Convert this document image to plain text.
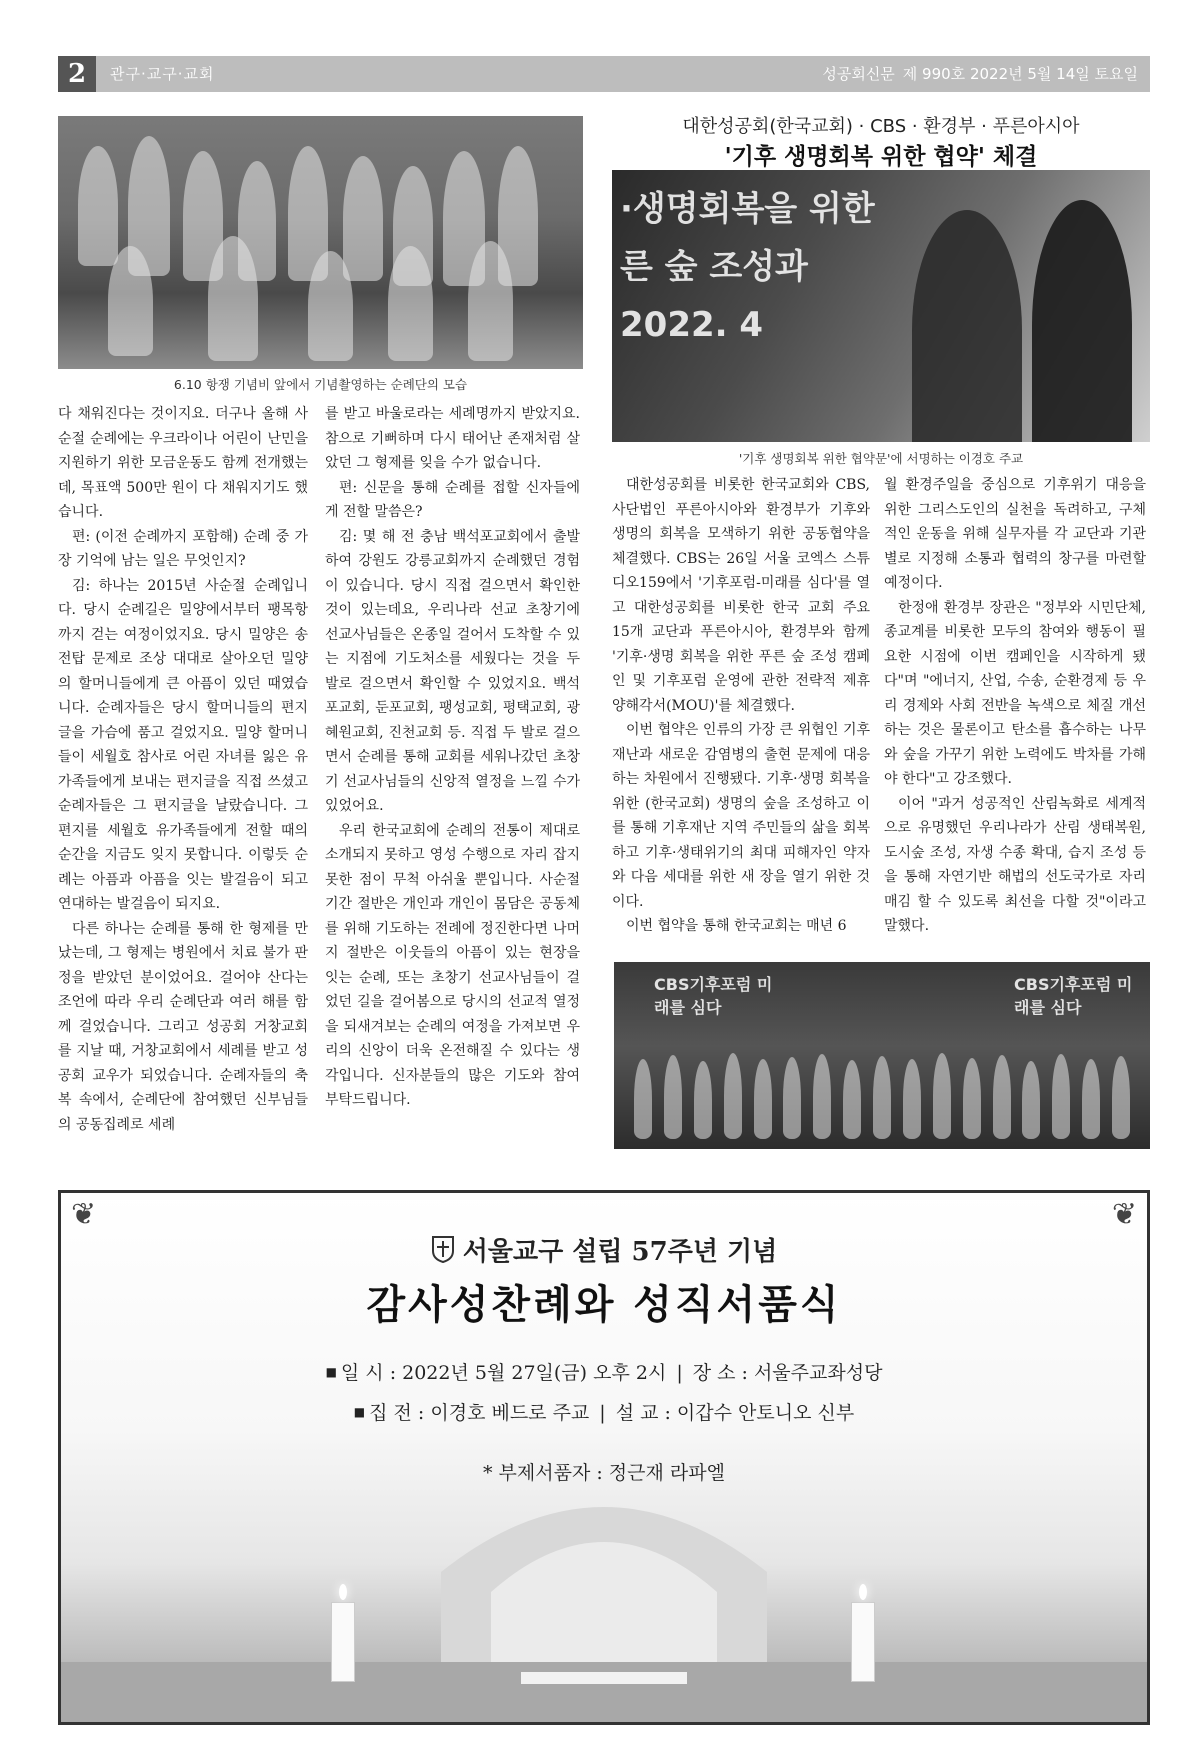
2	관구·교구·교회	성공회신문 제 990호 2022년 5월 14일 토요일
6.10 항쟁 기념비 앞에서 기념촬영하는 순례단의 모습
대한성공회(한국교회) · CBS · 환경부 · 푸른아시아
'기후 생명회복 위한 협약' 체결
·생명회복을 위한
른 숲 조성과
2022. 4
'기후 생명회복 위한 협약문'에 서명하는 이경호 주교

다 채워진다는 것이지요. 더구나 올해 사순절 순례에는 우크라이나 어린이 난민을 지원하기 위한 모금운동도 함께 전개했는데, 목표액 500만 원이 다 채워지기도 했습니다.

편: (이전 순례까지 포함해) 순례 중 가장 기억에 남는 일은 무엇인지?

김: 하나는 2015년 사순절 순례입니다. 당시 순례길은 밀양에서부터 팽목항까지 걷는 여정이었지요. 당시 밀양은 송전탑 문제로 조상 대대로 살아오던 밀양의 할머니들에게 큰 아픔이 있던 때였습니다. 순례자들은 당시 할머니들의 편지글을 가슴에 품고 걸었지요. 밀양 할머니들이 세월호 참사로 어린 자녀를 잃은 유가족들에게 보내는 편지글을 직접 쓰셨고 순례자들은 그 편지글을 날랐습니다. 그 편지를 세월호 유가족들에게 전할 때의 순간을 지금도 잊지 못합니다. 이렇듯 순례는 아픔과 아픔을 잇는 발걸음이 되고 연대하는 발걸음이 되지요.

다른 하나는 순례를 통해 한 형제를 만났는데, 그 형제는 병원에서 치료 불가 판정을 받았던 분이었어요. 걸어야 산다는 조언에 따라 우리 순례단과 여러 해를 함께 걸었습니다. 그리고 성공회 거창교회를 지날 때, 거창교회에서 세례를 받고 성공회 교우가 되었습니다. 순례자들의 축복 속에서, 순례단에 참여했던 신부님들의 공동집례로 세례

를 받고 바울로라는 세례명까지 받았지요. 참으로 기뻐하며 다시 태어난 존재처럼 살았던 그 형제를 잊을 수가 없습니다.

편: 신문을 통해 순례를 접할 신자들에게 전할 말씀은?

김: 몇 해 전 충남 백석포교회에서 출발하여 강원도 강릉교회까지 순례했던 경험이 있습니다. 당시 직접 걸으면서 확인한 것이 있는데요, 우리나라 선교 초창기에 선교사님들은 온종일 걸어서 도착할 수 있는 지점에 기도처소를 세웠다는 것을 두 발로 걸으면서 확인할 수 있었지요. 백석포교회, 둔포교회, 팽성교회, 평택교회, 광혜원교회, 진천교회 등. 직접 두 발로 걸으면서 순례를 통해 교회를 세워나갔던 초창기 선교사님들의 신앙적 열정을 느낄 수가 있었어요.

우리 한국교회에 순례의 전통이 제대로 소개되지 못하고 영성 수행으로 자리 잡지 못한 점이 무척 아쉬울 뿐입니다. 사순절 기간 절반은 개인과 개인이 몸담은 공동체를 위해 기도하는 전례에 정진한다면 나머지 절반은 이웃들의 아픔이 있는 현장을 잇는 순례, 또는 초창기 선교사님들이 걸었던 길을 걸어봄으로 당시의 선교적 열정을 되새겨보는 순례의 여정을 가져보면 우리의 신앙이 더욱 온전해질 수 있다는 생각입니다. 신자분들의 많은 기도와 참여 부탁드립니다.

대한성공회를 비롯한 한국교회와 CBS, 사단법인 푸른아시아와 환경부가 기후와 생명의 회복을 모색하기 위한 공동협약을 체결했다. CBS는 26일 서울 코엑스 스튜디오159에서 '기후포럼-미래를 심다'를 열고 대한성공회를 비롯한 한국 교회 주요 15개 교단과 푸른아시아, 환경부와 함께 '기후·생명 회복을 위한 푸른 숲 조성 캠페인 및 기후포럼 운영에 관한 전략적 제휴 양해각서(MOU)'를 체결했다.

이번 협약은 인류의 가장 큰 위협인 기후재난과 새로운 감염병의 출현 문제에 대응하는 차원에서 진행됐다. 기후·생명 회복을 위한 (한국교회) 생명의 숲을 조성하고 이를 통해 기후재난 지역 주민들의 삶을 회복하고 기후·생태위기의 최대 피해자인 약자와 다음 세대를 위한 새 장을 열기 위한 것이다.

이번 협약을 통해 한국교회는 매년 6

월 환경주일을 중심으로 기후위기 대응을 위한 그리스도인의 실천을 독려하고, 구체적인 운동을 위해 실무자를 각 교단과 기관별로 지정해 소통과 협력의 창구를 마련할 예정이다.

한정애 환경부 장관은 "정부와 시민단체, 종교계를 비롯한 모두의 참여와 행동이 필요한 시점에 이번 캠페인을 시작하게 됐다"며 "에너지, 산업, 수송, 순환경제 등 우리 경제와 사회 전반을 녹색으로 체질 개선하는 것은 물론이고 탄소를 흡수하는 나무와 숲을 가꾸기 위한 노력에도 박차를 가해야 한다"고 강조했다.

이어 "과거 성공적인 산림녹화로 세계적으로 유명했던 우리나라가 산림 생태복원, 도시숲 조성, 자생 수종 확대, 습지 조성 등을 통해 자연기반 해법의 선도국가로 자리매김 할 수 있도록 최선을 다할 것"이라고 말했다.

CBS기후포럼 미래를 심다
CBS기후포럼 미래를 심다
❦	❦
서울교구 설립 57주년 기념
감사성찬례와 성직서품식
■ 일 시 : 2022년 5월 27일(금) 오후 2시 | 장 소 : 서울주교좌성당
■ 집 전 : 이경호 베드로 주교 | 설 교 : 이갑수 안토니오 신부
* 부제서품자 : 정근재 라파엘
